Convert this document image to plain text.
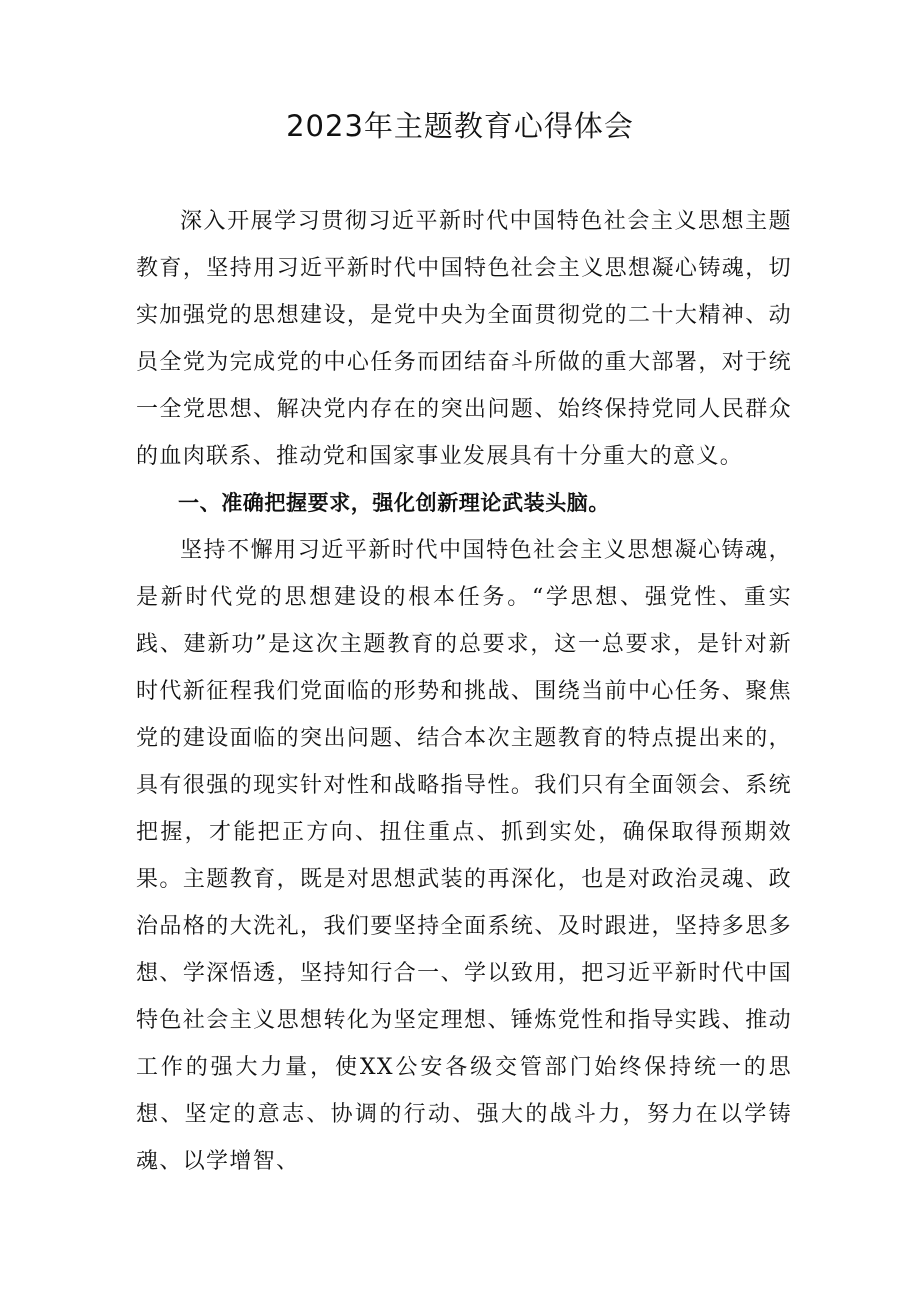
2023年主题教育心得体会

深入开展学习贯彻习近平新时代中国特色社会主义思想主题教育，坚持用习近平新时代中国特色社会主义思想凝心铸魂，切实加强党的思想建设，是党中央为全面贯彻党的二十大精神、动员全党为完成党的中心任务而团结奋斗所做的重大部署，对于统一全党思想、解决党内存在的突出问题、始终保持党同人民群众的血肉联系、推动党和国家事业发展具有十分重大的意义。

一、准确把握要求，强化创新理论武装头脑。

坚持不懈用习近平新时代中国特色社会主义思想凝心铸魂，是新时代党的思想建设的根本任务。“学思想、强党性、重实践、建新功”是这次主题教育的总要求，这一总要求，是针对新时代新征程我们党面临的形势和挑战、围绕当前中心任务、聚焦党的建设面临的突出问题、结合本次主题教育的特点提出来的，具有很强的现实针对性和战略指导性。我们只有全面领会、系统把握，才能把正方向、扭住重点、抓到实处，确保取得预期效果。主题教育，既是对思想武装的再深化，也是对政治灵魂、政治品格的大洗礼，我们要坚持全面系统、及时跟进，坚持多思多想、学深悟透，坚持知行合一、学以致用，把习近平新时代中国特色社会主义思想转化为坚定理想、锤炼党性和指导实践、推动工作的强大力量，使XX公安各级交管部门始终保持统一的思想、坚定的意志、协调的行动、强大的战斗力，努力在以学铸魂、以学增智、
